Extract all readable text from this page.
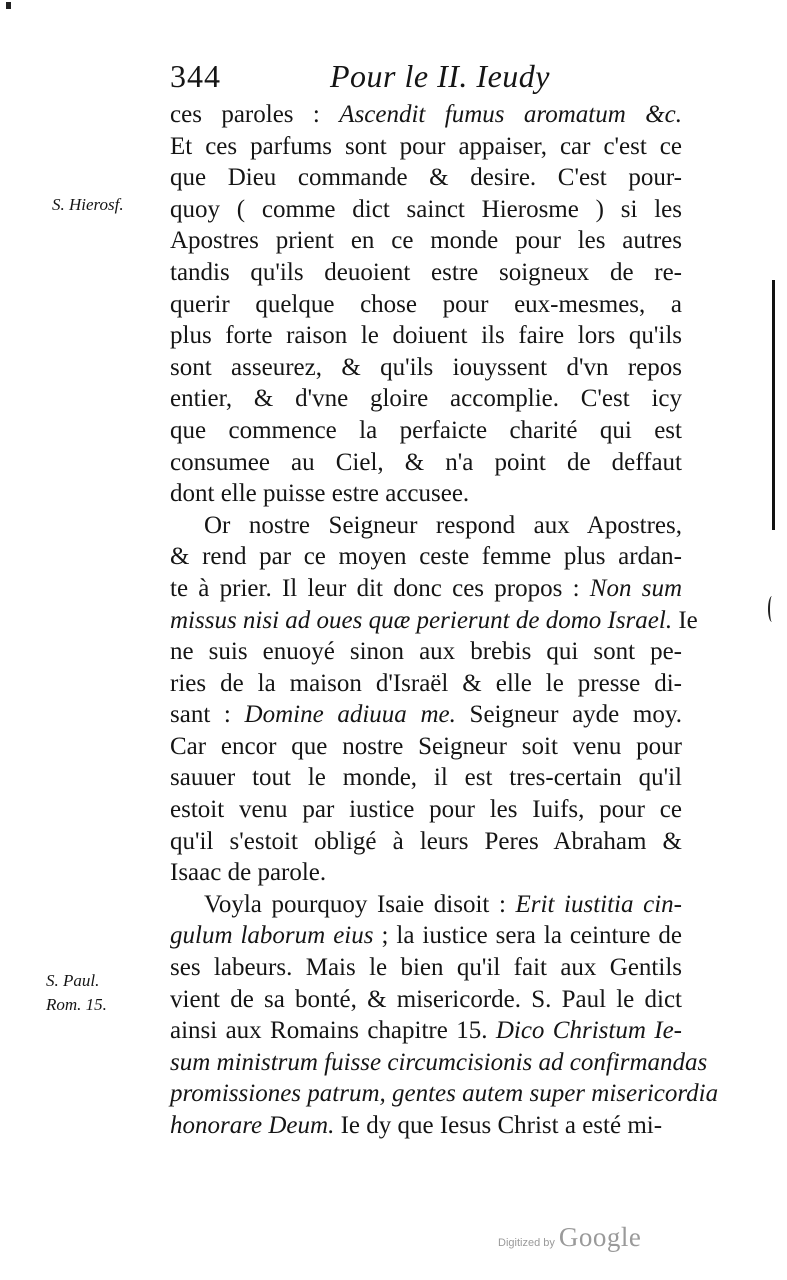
344	Pour le II. Ieudy
S. Hierosf.
S. Paul.
Rom. 15.
ces paroles : Ascendit fumus aromatum &c.
Et ces parfums sont pour appaiser, car c'est ce
que Dieu commande & desire. C'est pour-
quoy ( comme dict sainct Hierosme ) si les
Apostres prient en ce monde pour les autres
tandis qu'ils deuoient estre soigneux de re-
querir quelque chose pour eux-mesmes, a
plus forte raison le doiuent ils faire lors qu'ils
sont asseurez, & qu'ils iouyssent d'vn repos
entier, & d'vne gloire accomplie. C'est icy
que commence la perfaicte charité qui est
consumee au Ciel, & n'a point de deffaut
dont elle puisse estre accusee.
Or nostre Seigneur respond aux Apostres,
& rend par ce moyen ceste femme plus ardan-
te à prier. Il leur dit donc ces propos : Non sum
missus nisi ad oues quæ perierunt de domo Israel. Ie
ne suis enuoyé sinon aux brebis qui sont pe-
ries de la maison d'Israël & elle le presse di-
sant : Domine adiuua me. Seigneur ayde moy.
Car encor que nostre Seigneur soit venu pour
sauuer tout le monde, il est tres-certain qu'il
estoit venu par iustice pour les Iuifs, pour ce
qu'il s'estoit obligé à leurs Peres Abraham &
Isaac de parole.
Voyla pourquoy Isaie disoit : Erit iustitia cin-
gulum laborum eius ; la iustice sera la ceinture de
ses labeurs. Mais le bien qu'il fait aux Gentils
vient de sa bonté, & misericorde. S. Paul le dict
ainsi aux Romains chapitre 15. Dico Christum Ie-
sum ministrum fuisse circumcisionis ad confirmandas
promissiones patrum, gentes autem super misericordia
honorare Deum. Ie dy que Iesus Christ a esté mi-
Digitized by Google
